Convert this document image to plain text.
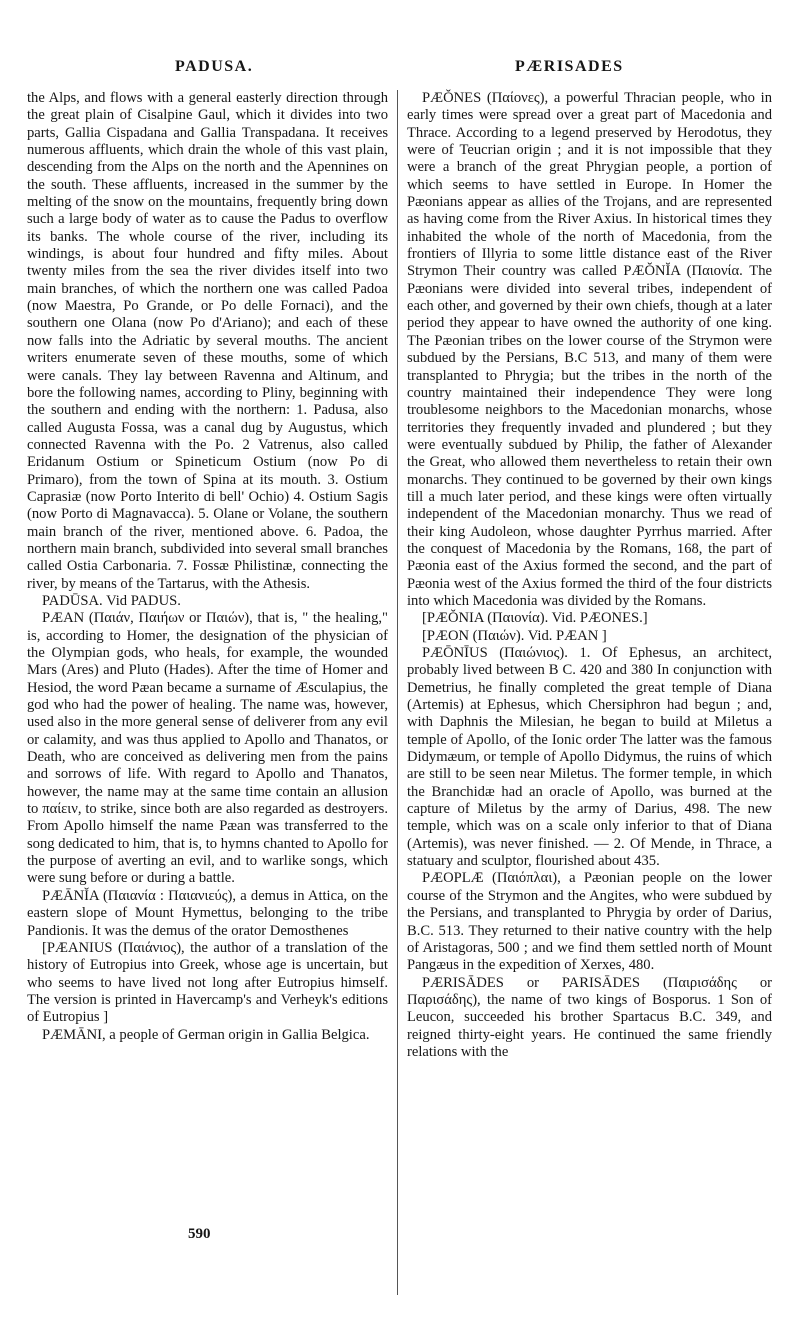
PADUSA.	PÆRISADES

the Alps, and flows with a general easterly direction through the great plain of Cisalpine Gaul, which it divides into two parts, Gallia Cispadana and Gallia Transpadana. It receives numerous affluents, which drain the whole of this vast plain, descending from the Alps on the north and the Apennines on the south. These affluents, increased in the summer by the melting of the snow on the mountains, frequently bring down such a large body of water as to cause the Padus to overflow its banks. The whole course of the river, including its windings, is about four hundred and fifty miles. About twenty miles from the sea the river divides itself into two main branches, of which the northern one was called Padoa (now Maestra, Po Grande, or Po delle Fornaci), and the southern one Olana (now Po d'Ariano); and each of these now falls into the Adriatic by several mouths. The ancient writers enumerate seven of these mouths, some of which were canals. They lay between Ravenna and Altinum, and bore the following names, according to Pliny, beginning with the southern and ending with the northern: 1. Padusa, also called Augusta Fossa, was a canal dug by Augustus, which connected Ravenna with the Po. 2 Vatrenus, also called Eridanum Ostium or Spineticum Ostium (now Po di Primaro), from the town of Spina at its mouth. 3. Ostium Caprasiæ (now Porto Interito di bell' Ochio) 4. Ostium Sagis (now Porto di Magnavacca). 5. Olane or Volane, the southern main branch of the river, mentioned above. 6. Padoa, the northern main branch, subdivided into several small branches called Ostia Carbonaria. 7. Fossæ Philistinæ, connecting the river, by means of the Tartarus, with the Athesis.

PADŪSA. Vid PADUS.

PÆAN (Παιάν, Παιήων or Παιών), that is, " the healing," is, according to Homer, the designation of the physician of the Olympian gods, who heals, for example, the wounded Mars (Ares) and Pluto (Hades). After the time of Homer and Hesiod, the word Pæan became a surname of Æsculapius, the god who had the power of healing. The name was, however, used also in the more general sense of deliverer from any evil or calamity, and was thus applied to Apollo and Thanatos, or Death, who are conceived as delivering men from the pains and sorrows of life. With regard to Apollo and Thanatos, however, the name may at the same time contain an allusion to παίειν, to strike, since both are also regarded as destroyers. From Apollo himself the name Pæan was transferred to the song dedicated to him, that is, to hymns chanted to Apollo for the purpose of averting an evil, and to warlike songs, which were sung before or during a battle.

PÆĀNĬA (Παιανία : Παιανιεύς), a demus in Attica, on the eastern slope of Mount Hymettus, belonging to the tribe Pandionis. It was the demus of the orator Demosthenes

[PÆANIUS (Παιάνιος), the author of a translation of the history of Eutropius into Greek, whose age is uncertain, but who seems to have lived not long after Eutropius himself. The version is printed in Havercamp's and Verheyk's editions of Eutropius ]

PÆMĀNI, a people of German origin in Gallia Belgica.

PÆŎNES (Παίονες), a powerful Thracian people, who in early times were spread over a great part of Macedonia and Thrace. According to a legend preserved by Herodotus, they were of Teucrian origin ; and it is not impossible that they were a branch of the great Phrygian people, a portion of which seems to have settled in Europe. In Homer the Pæonians appear as allies of the Trojans, and are represented as having come from the River Axius. In historical times they inhabited the whole of the north of Macedonia, from the frontiers of Illyria to some little distance east of the River Strymon Their country was called PÆŎNĬA (Παιονία. The Pæonians were divided into several tribes, independent of each other, and governed by their own chiefs, though at a later period they appear to have owned the authority of one king. The Pæonian tribes on the lower course of the Strymon were subdued by the Persians, B.C 513, and many of them were transplanted to Phrygia; but the tribes in the north of the country maintained their independence They were long troublesome neighbors to the Macedonian monarchs, whose territories they frequently invaded and plundered ; but they were eventually subdued by Philip, the father of Alexander the Great, who allowed them nevertheless to retain their own monarchs. They continued to be governed by their own kings till a much later period, and these kings were often virtually independent of the Macedonian monarchy. Thus we read of their king Audoleon, whose daughter Pyrrhus married. After the conquest of Macedonia by the Romans, 168, the part of Pæonia east of the Axius formed the second, and the part of Pæonia west of the Axius formed the third of the four districts into which Macedonia was divided by the Romans.

[PÆŎNIA (Παιονία). Vid. PÆONES.]

[PÆON (Παιών). Vid. PÆAN ]

PÆŌNĪUS (Παιώνιος). 1. Of Ephesus, an architect, probably lived between B C. 420 and 380 In conjunction with Demetrius, he finally completed the great temple of Diana (Artemis) at Ephesus, which Chersiphron had begun ; and, with Daphnis the Milesian, he began to build at Miletus a temple of Apollo, of the Ionic order The latter was the famous Didymæum, or temple of Apollo Didymus, the ruins of which are still to be seen near Miletus. The former temple, in which the Branchidæ had an oracle of Apollo, was burned at the capture of Miletus by the army of Darius, 498. The new temple, which was on a scale only inferior to that of Diana (Artemis), was never finished. — 2. Of Mende, in Thrace, a statuary and sculptor, flourished about 435.

PÆOPLÆ (Παιόπλαι), a Pæonian people on the lower course of the Strymon and the Angites, who were subdued by the Persians, and transplanted to Phrygia by order of Darius, B.C. 513. They returned to their native country with the help of Aristagoras, 500 ; and we find them settled north of Mount Pangæus in the expedition of Xerxes, 480.

PÆRISĀDES or PARISĀDES (Παιρισάδης or Παρισάδης), the name of two kings of Bosporus. 1 Son of Leucon, succeeded his brother Spartacus B.C. 349, and reigned thirty-eight years. He continued the same friendly relations with the

590
